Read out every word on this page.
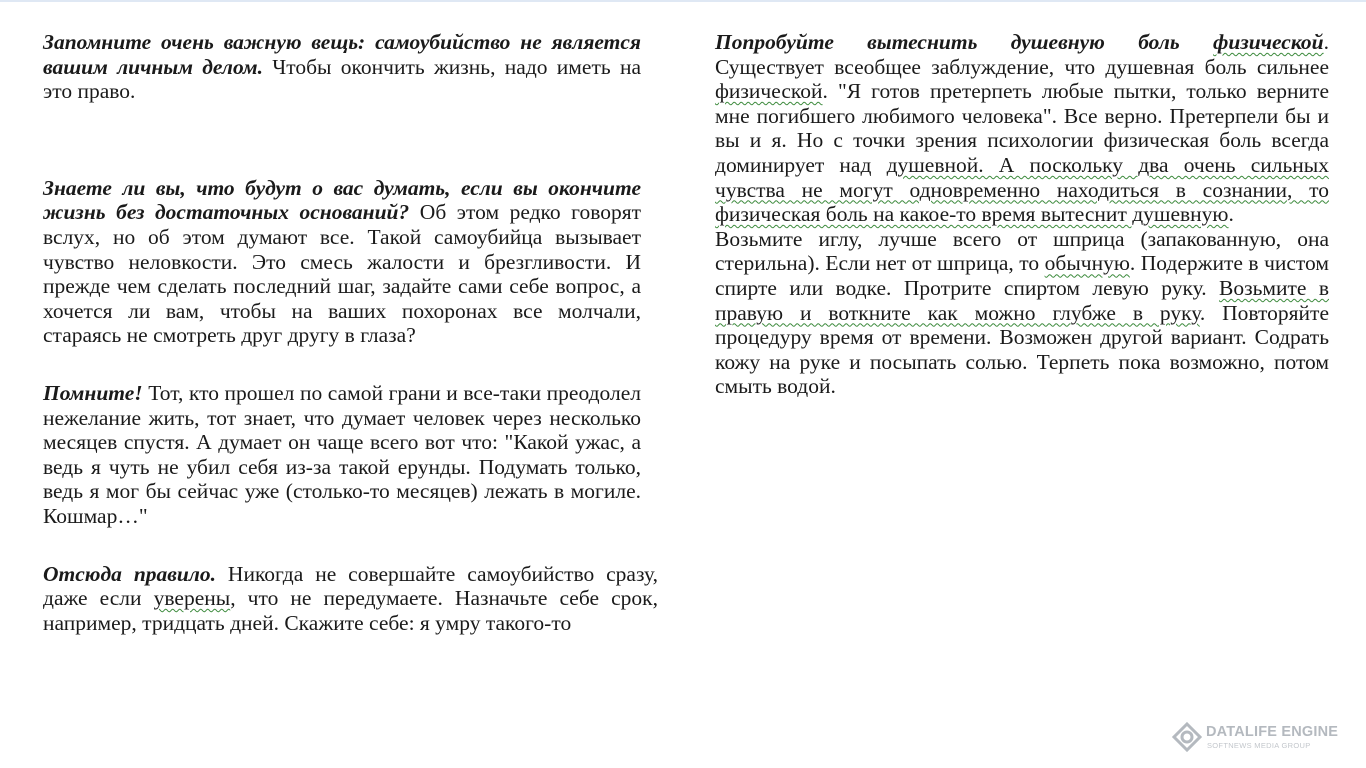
Запомните очень важную вещь: самоубийство не является вашим личным делом. Чтобы окончить жизнь, надо иметь на это право.

Знаете ли вы, что будут о вас думать, если вы окончите жизнь без достаточных оснований? Об этом редко говорят вслух, но об этом думают все. Такой самоубийца вызывает чувство неловкости. Это смесь жалости и брезгливости. И прежде чем сделать последний шаг, задайте сами себе вопрос, а хочется ли вам, чтобы на ваших похоронах все молчали, стараясь не смотреть друг другу в глаза?

Помните! Тот, кто прошел по самой грани и все-таки преодолел нежелание жить, тот знает, что думает человек через несколько месяцев спустя. А думает он чаще всего вот что: "Какой ужас, а ведь я чуть не убил себя из-за такой ерунды. Подумать только, ведь я мог бы сейчас уже (столько-то месяцев) лежать в могиле. Кошмар…"

Отсюда правило. Никогда не совершайте самоубийство сразу, даже если уверены, что не передумаете. Назначьте себе срок, например, тридцать дней. Скажите себе: я умру такого-то

Попробуйте вытеснить душевную боль физической. Существует всеобщее заблуждение, что душевная боль сильнее физической. "Я готов претерпеть любые пытки, только верните мне погибшего любимого человека". Все верно. Претерпели бы и вы и я. Но с точки зрения психологии физическая боль всегда доминирует над душевной. А поскольку два очень сильных чувства не могут одновременно находиться в сознании, то физическая боль на какое-то время вытеснит душевную.

Возьмите иглу, лучше всего от шприца (запакованную, она стерильна). Если нет от шприца, то обычную. Подержите в чистом спирте или водке. Протрите спиртом левую руку. Возьмите в правую и воткните как можно глубже в руку. Повторяйте процедуру время от времени. Возможен другой вариант. Содрать кожу на руке и посыпать солью. Терпеть пока возможно, потом смыть водой.

DATALIFE ENGINE
SOFTNEWS MEDIA GROUP
